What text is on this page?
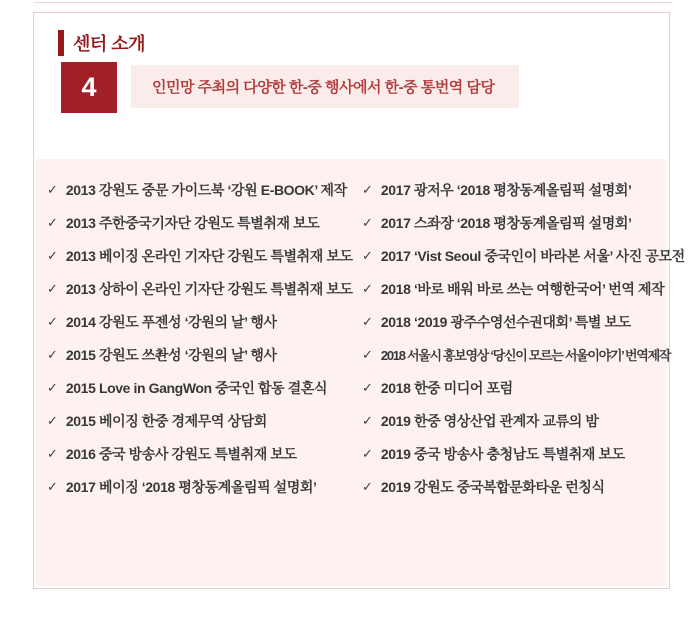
센터 소개
4	인민망 주최의 다양한 한-중 행사에서 한-중 통번역 담당
✓ 2013 강원도 중문 가이드북 ‘강원 E-BOOK’ 제작
✓ 2013 주한중국기자단 강원도 특별취재 보도
✓ 2013 베이징 온라인 기자단 강원도 특별취재 보도
✓ 2013 상하이 온라인 기자단 강원도 특별취재 보도
✓ 2014 강원도 푸젠성 ‘강원의 날’ 행사
✓ 2015 강원도 쓰촨성 ‘강원의 날’ 행사
✓ 2015 Love in GangWon 중국인 합동 결혼식
✓ 2015 베이징 한중 경제무역 상담회
✓ 2016 중국 방송사 강원도 특별취재 보도
✓ 2017 베이징 ‘2018 평창동계올림픽 설명회’
✓ 2017 광저우 ‘2018 평창동계올림픽 설명회’
✓ 2017 스좌장 ‘2018 평창동계올림픽 설명회’
✓ 2017 ‘Vist Seoul 중국인이 바라본 서울’ 사진 공모전
✓ 2018 ‘바로 배워 바로 쓰는 여행한국어’ 번역 제작
✓ 2018 ‘2019 광주수영선수권대회’ 특별 보도
✓ 2018 서울시 홍보영상 ‘당신이 모르는 서울이야기’ 번역제작
✓ 2018 한중 미디어 포럼
✓ 2019 한중 영상산업 관계자 교류의 밤
✓ 2019 중국 방송사 충청남도 특별취재 보도
✓ 2019 강원도 중국복합문화타운 런칭식
